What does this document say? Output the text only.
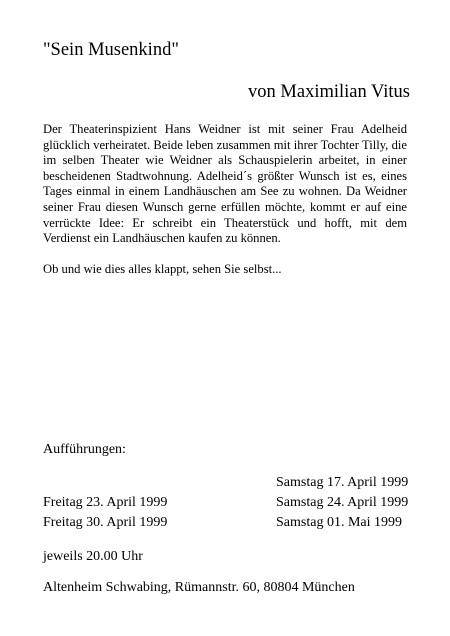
"Sein Musenkind"
von Maximilian Vitus

Der Theaterinspizient Hans Weidner ist mit seiner Frau Adelheid glücklich verheiratet. Beide leben zusammen mit ihrer Tochter Tilly, die im selben Theater wie Weidner als Schauspielerin arbeitet, in einer bescheidenen Stadtwohnung. Adelheid´s größter Wunsch ist es, eines Tages einmal in einem Landhäuschen am See zu wohnen. Da Weidner seiner Frau diesen Wunsch gerne erfüllen möchte, kommt er auf eine verrückte Idee: Er schreibt ein Theaterstück und hofft, mit dem Verdienst ein Landhäuschen kaufen zu können.

Ob und wie dies alles klappt, sehen Sie selbst...

Aufführungen:
Samstag 17. April 1999
Freitag 23. April 1999	Samstag 24. April 1999
Freitag 30. April 1999	Samstag 01. Mai 1999
jeweils 20.00 Uhr
Altenheim Schwabing, Rümannstr. 60, 80804 München
